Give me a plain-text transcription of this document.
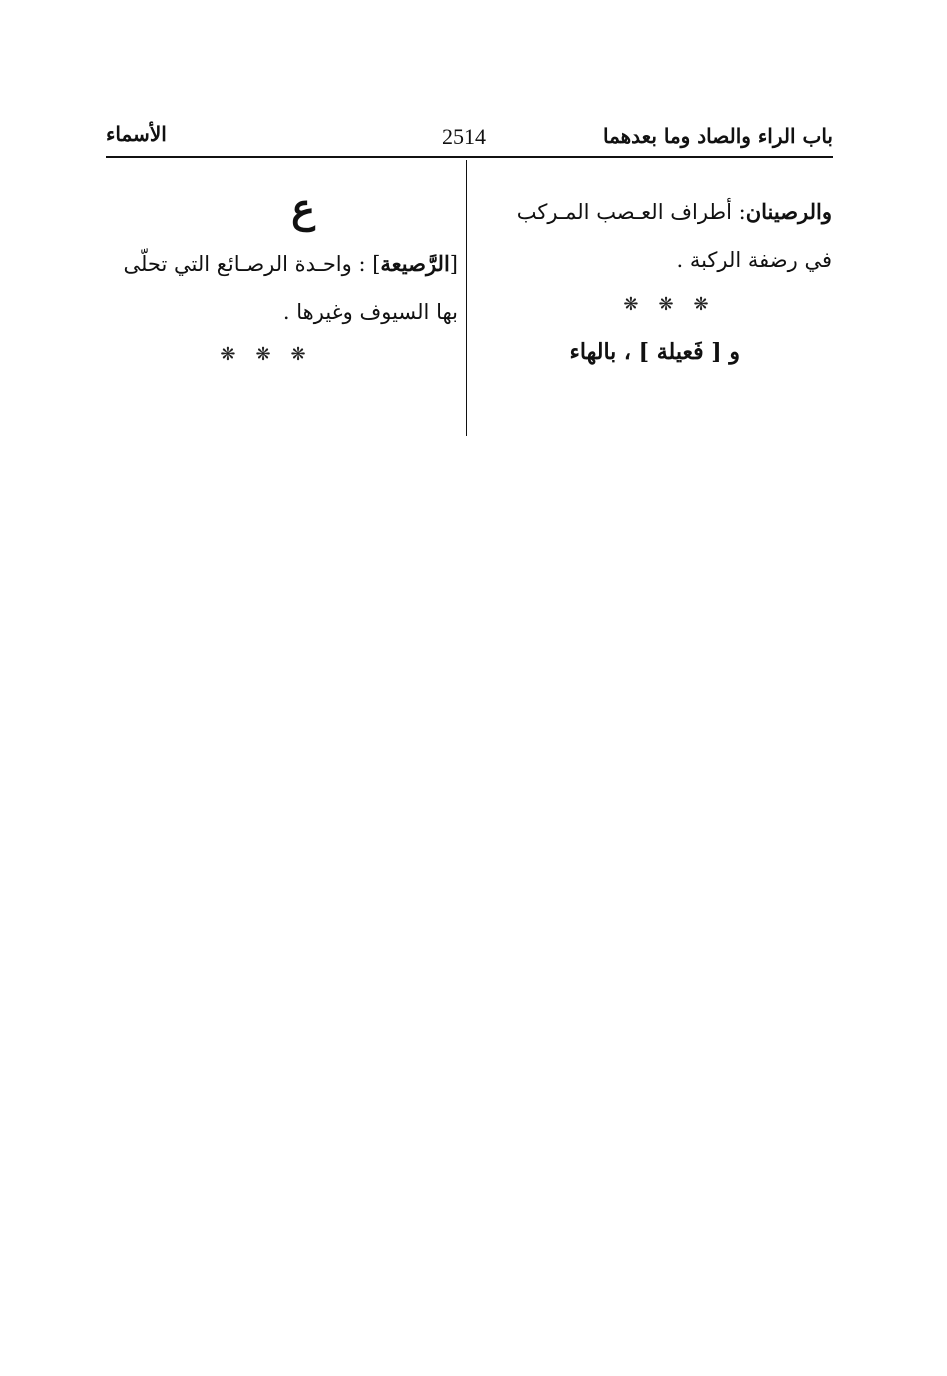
باب الراء والصاد وما بعدهما
2514
الأسماء

والرصينان: أطراف العـصب المـركب
في رضفة الركبة .

❋ ❋ ❋

و [ فَعيلة ] ، بالهاء

ع

[الرَّصيعة] : واحـدة الرصـائع التي تحلّى
بها السيوف وغيرها .

❋ ❋ ❋
